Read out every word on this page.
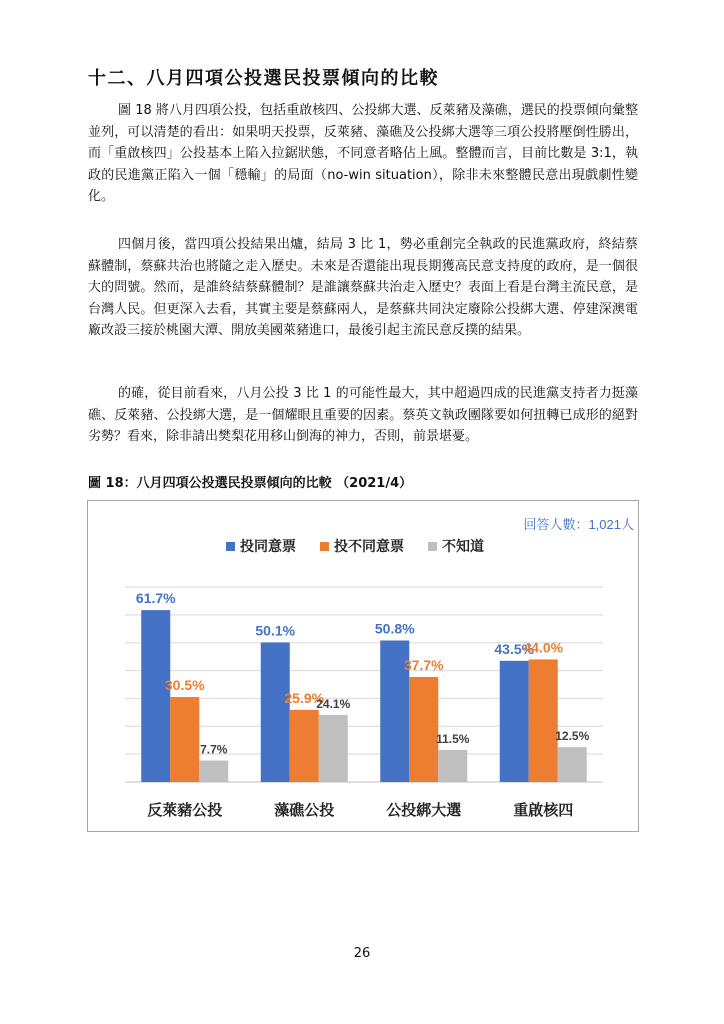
十二、八月四項公投選民投票傾向的比較

圖 18 將八月四項公投，包括重啟核四、公投綁大選、反萊豬及藻礁，選民的投票傾向彙整並列，可以清楚的看出：如果明天投票，反萊豬、藻礁及公投綁大選等三項公投將壓倒性勝出，而「重啟核四」公投基本上陷入拉鋸狀態，不同意者略佔上風。整體而言，目前比數是 3:1，執政的民進黨正陷入一個「穩輸」的局面（no-win situation），除非未來整體民意出現戲劇性變化。

四個月後，當四項公投結果出爐，結局 3 比 1，勢必重創完全執政的民進黨政府，終結蔡蘇體制，蔡蘇共治也將隨之走入歷史。未來是否還能出現長期獲高民意支持度的政府，是一個很大的問號。然而，是誰終結蔡蘇體制？是誰讓蔡蘇共治走入歷史？表面上看是台灣主流民意，是台灣人民。但更深入去看，其實主要是蔡蘇兩人，是蔡蘇共同決定廢除公投綁大選、停建深澳電廠改設三接於桃園大潭、開放美國萊豬進口，最後引起主流民意反撲的結果。

的確，從目前看來，八月公投 3 比 1 的可能性最大，其中超過四成的民進黨支持者力挺藻礁、反萊豬、公投綁大選，是一個耀眼且重要的因素。蔡英文執政團隊要如何扭轉已成形的絕對劣勢？看來，除非請出樊梨花用移山倒海的神力，否則，前景堪憂。

圖 18：八月四項公投選民投票傾向的比較 （2021/4）
回答人數：1,021人
投同意票	投不同意票	不知道
61.7%
30.5%
7.7%
反萊豬公投
50.1%
25.9%
24.1%
藻礁公投
50.8%
37.7%
11.5%
公投綁大選
43.5%
44.0%
12.5%
重啟核四
26
